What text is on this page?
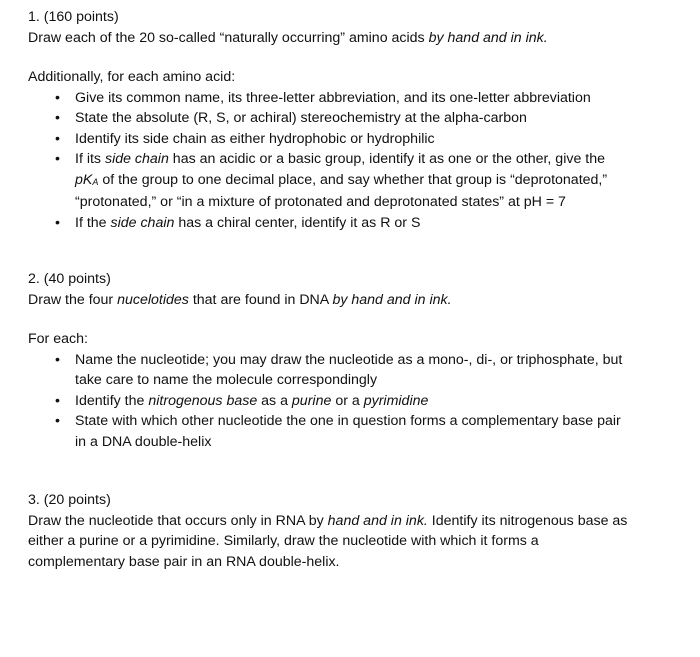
1. (160 points)
Draw each of the 20 so-called “naturally occurring” amino acids by hand and in ink.
Additionally, for each amino acid:
• Give its common name, its three-letter abbreviation, and its one-letter abbreviation
• State the absolute (R, S, or achiral) stereochemistry at the alpha-carbon
• Identify its side chain as either hydrophobic or hydrophilic
• If its side chain has an acidic or a basic group, identify it as one or the other, give the
$pK_A$ of the group to one decimal place, and say whether that group is “deprotonated,”
“protonated,” or “in a mixture of protonated and deprotonated states” at pH = 7
• If the side chain has a chiral center, identify it as R or S
2. (40 points)
Draw the four nucelotides that are found in DNA by hand and in ink.
For each:
• Name the nucleotide; you may draw the nucleotide as a mono-, di-, or triphosphate, but
take care to name the molecule correspondingly
• Identify the nitrogenous base as a purine or a pyrimidine
• State with which other nucleotide the one in question forms a complementary base pair
in a DNA double-helix
3. (20 points)
Draw the nucleotide that occurs only in RNA by hand and in ink. Identify its nitrogenous base as
either a purine or a pyrimidine. Similarly, draw the nucleotide with which it forms a
complementary base pair in an RNA double-helix.
